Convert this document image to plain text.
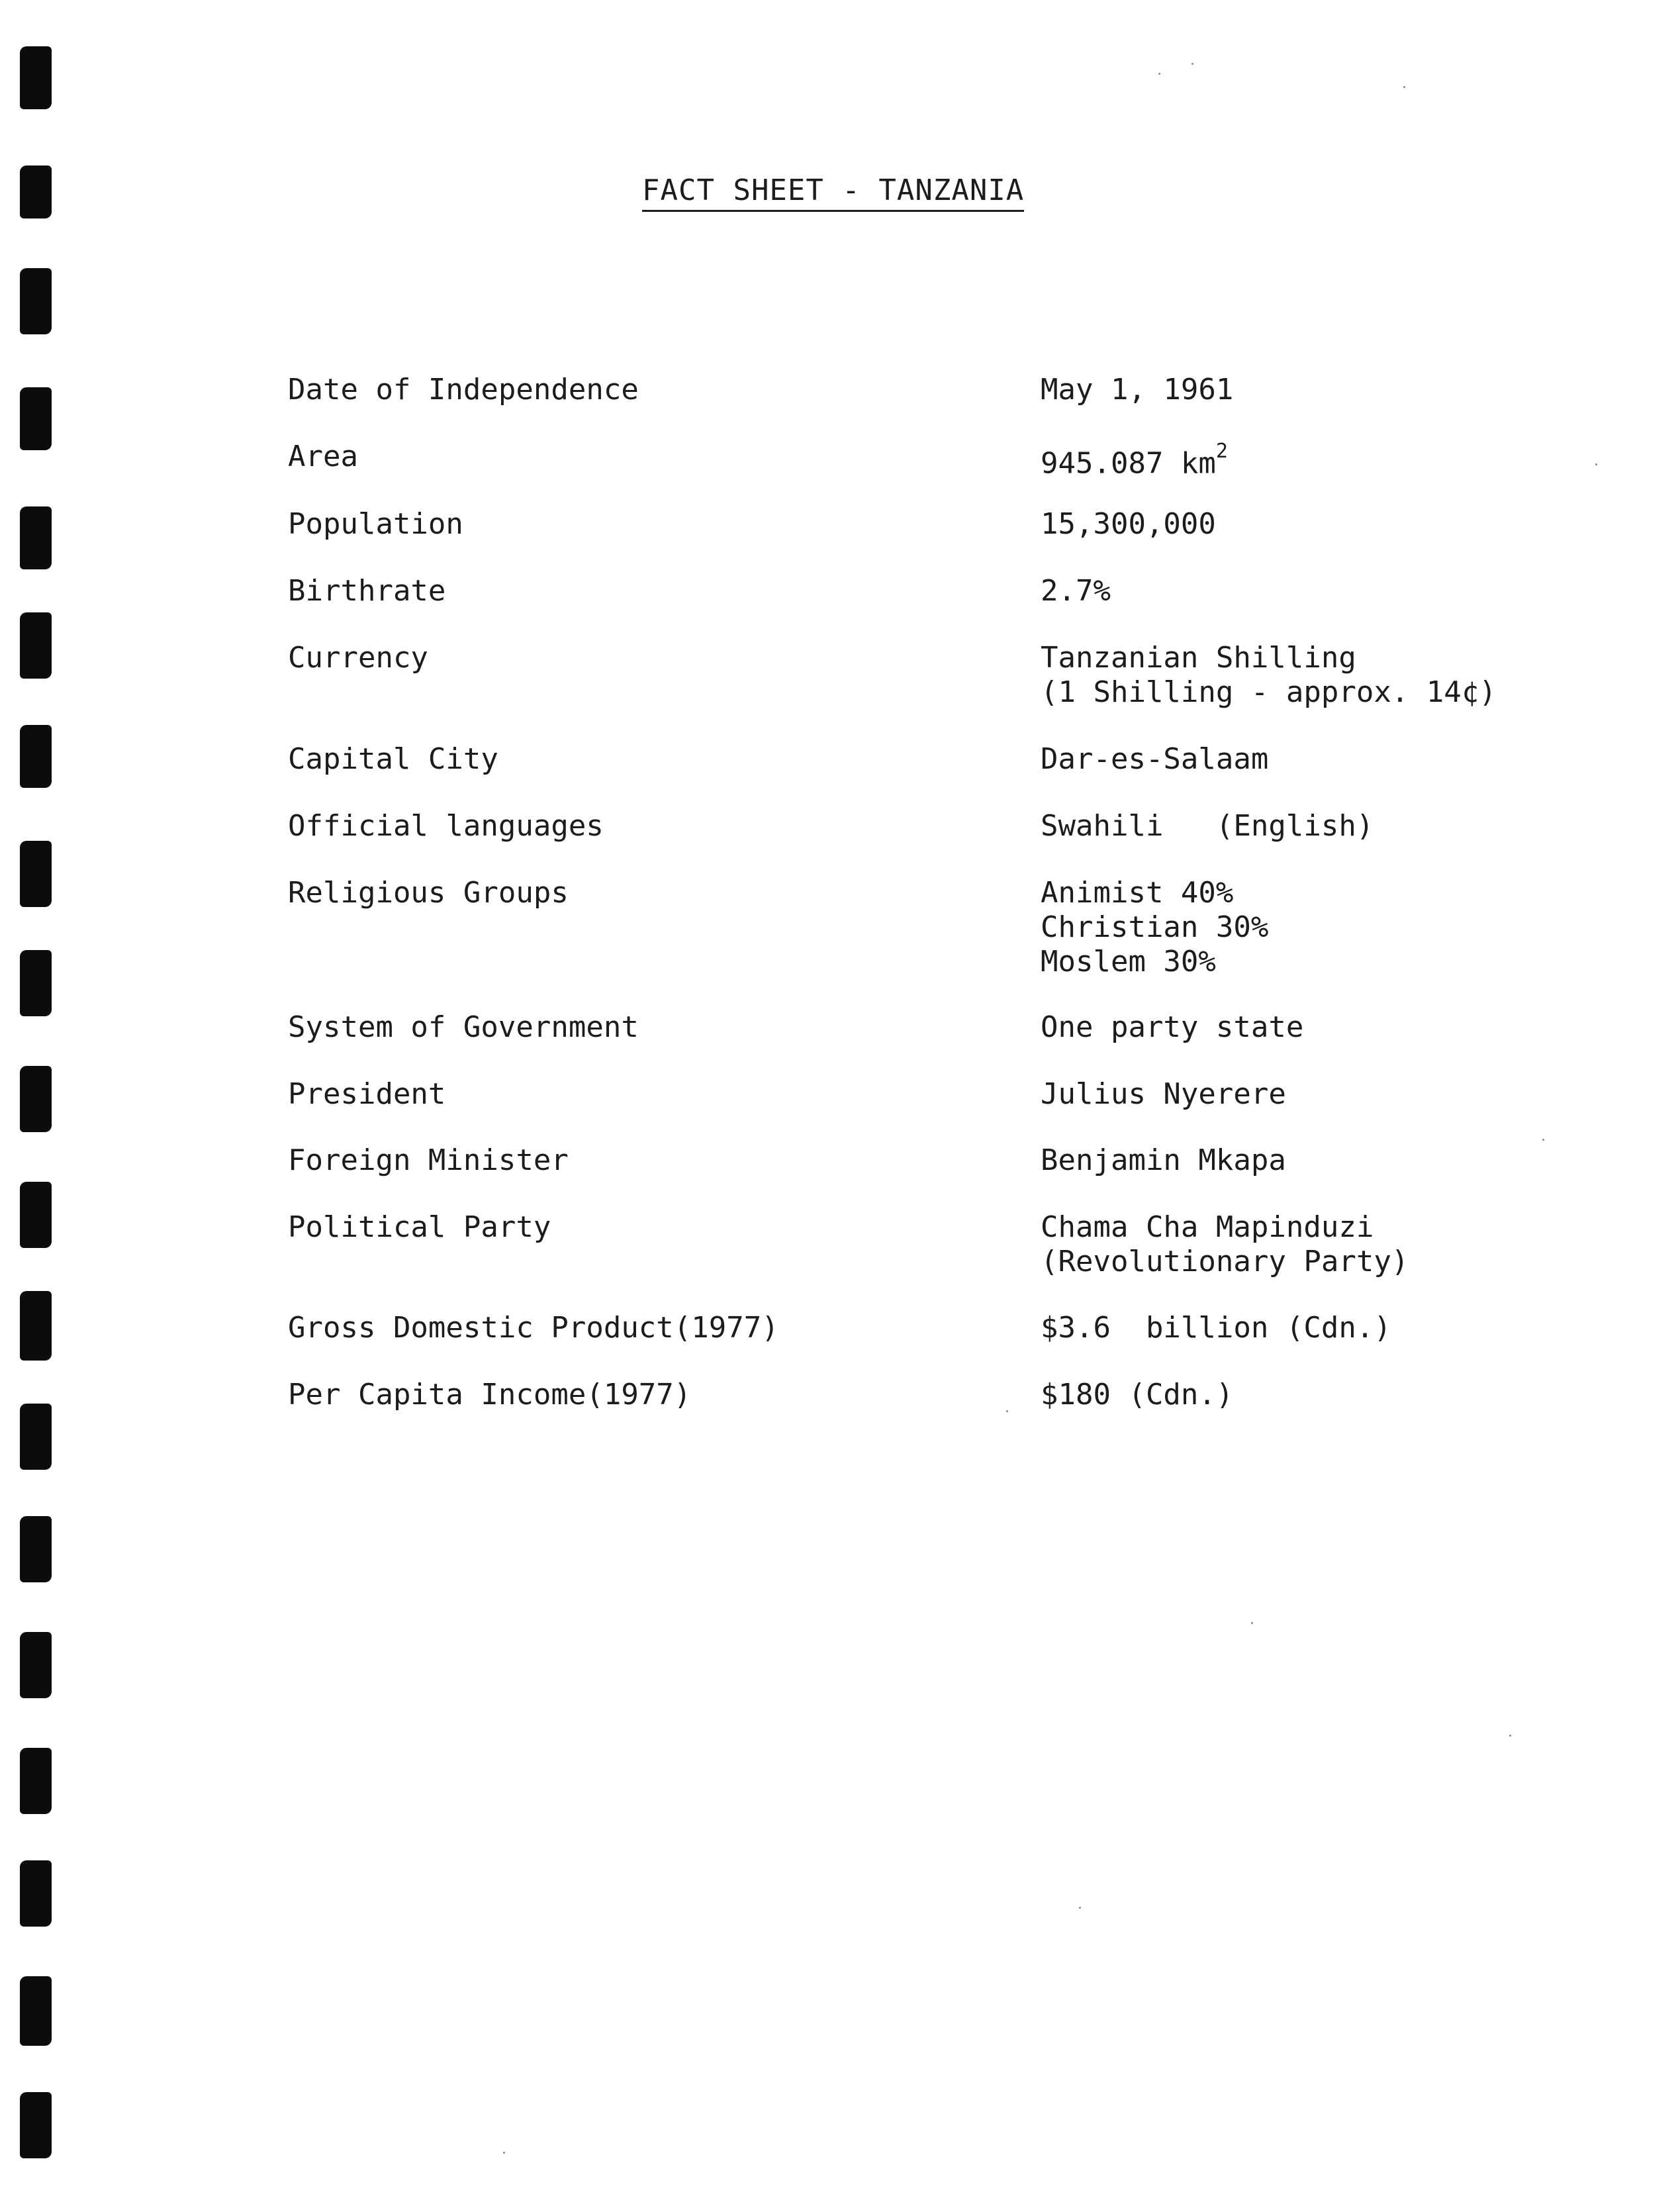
FACT SHEET - TANZANIA
Date of Independence	May 1, 1961
Area	945.087 $km^2$
Population	15,300,000
Birthrate	2.7%
Currency	Tanzanian Shilling
(1 Shilling - approx. 14¢)
Capital City	Dar-es-Salaam
Official languages	Swahili   (English)
Religious Groups	Animist 40%
Christian 30%
Moslem 30%
System of Government	One party state
President	Julius Nyerere
Foreign Minister	Benjamin Mkapa
Political Party	Chama Cha Mapinduzi
(Revolutionary Party)
Gross Domestic Product(1977)	$3.6  billion (Cdn.)
Per Capita Income(1977)	$180 (Cdn.)
